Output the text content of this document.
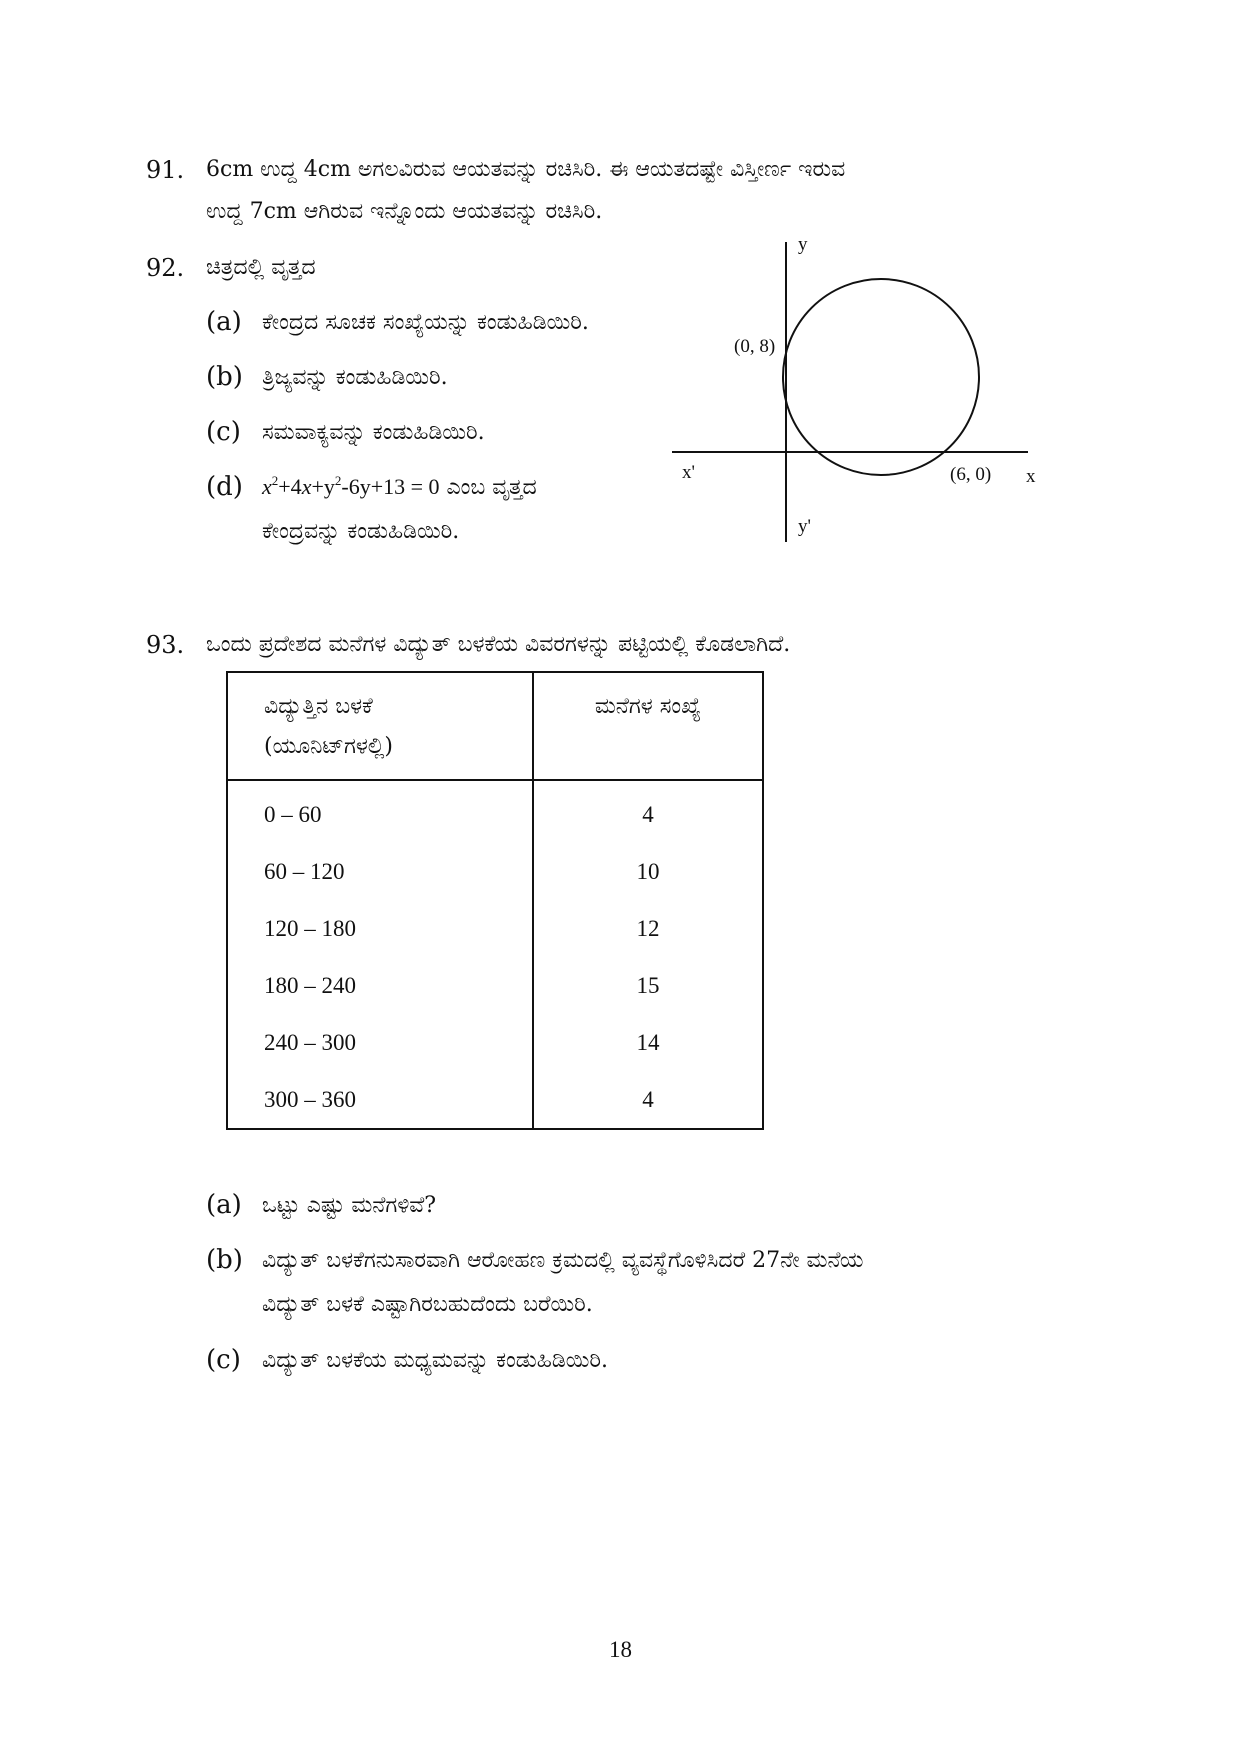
91. 6cm ಉದ್ದ 4cm ಅಗಲವಿರುವ ಆಯತವನ್ನು ರಚಿಸಿರಿ. ಈ ಆಯತದಷ್ಟೇ ವಿಸ್ತೀರ್ಣ ಇರುವ
ಉದ್ದ 7cm ಆಗಿರುವ ಇನ್ನೊಂದು ಆಯತವನ್ನು ರಚಿಸಿರಿ.
92. ಚಿತ್ರದಲ್ಲಿ ವೃತ್ತದ
(a) ಕೇಂದ್ರದ ಸೂಚಕ ಸಂಖ್ಯೆಯನ್ನು ಕಂಡುಹಿಡಿಯಿರಿ.
(b) ತ್ರಿಜ್ಯವನ್ನು ಕಂಡುಹಿಡಿಯಿರಿ.
(c) ಸಮವಾಕ್ಯವನ್ನು ಕಂಡುಹಿಡಿಯಿರಿ.
(d) $x^2+4x+y^2-6y+13 = 0$ ಎಂಬ ವೃತ್ತದ
ಕೇಂದ್ರವನ್ನು ಕಂಡುಹಿಡಿಯಿರಿ.
y
y'
x
x'
(0, 8)
(6, 0)
93. ಒಂದು ಪ್ರದೇಶದ ಮನೆಗಳ ವಿದ್ಯುತ್ ಬಳಕೆಯ ವಿವರಗಳನ್ನು ಪಟ್ಟಿಯಲ್ಲಿ ಕೊಡಲಾಗಿದೆ.
ವಿದ್ಯುತ್ತಿನ ಬಳಕೆ
(ಯೂನಿಟ್‌ಗಳಲ್ಲಿ)	ಮನೆಗಳ ಸಂಖ್ಯೆ
0 – 60	4
60 – 120	10
120 – 180	12
180 – 240	15
240 – 300	14
300 – 360	4
(a) ಒಟ್ಟು ಎಷ್ಟು ಮನೆಗಳಿವೆ?
(b) ವಿದ್ಯುತ್ ಬಳಕೆಗನುಸಾರವಾಗಿ ಆರೋಹಣ ಕ್ರಮದಲ್ಲಿ ವ್ಯವಸ್ಥೆಗೊಳಿಸಿದರೆ 27ನೇ ಮನೆಯ
ವಿದ್ಯುತ್ ಬಳಕೆ ಎಷ್ಟಾಗಿರಬಹುದೆಂದು ಬರೆಯಿರಿ.
(c) ವಿದ್ಯುತ್ ಬಳಕೆಯ ಮಧ್ಯಮವನ್ನು ಕಂಡುಹಿಡಿಯಿರಿ.
18
